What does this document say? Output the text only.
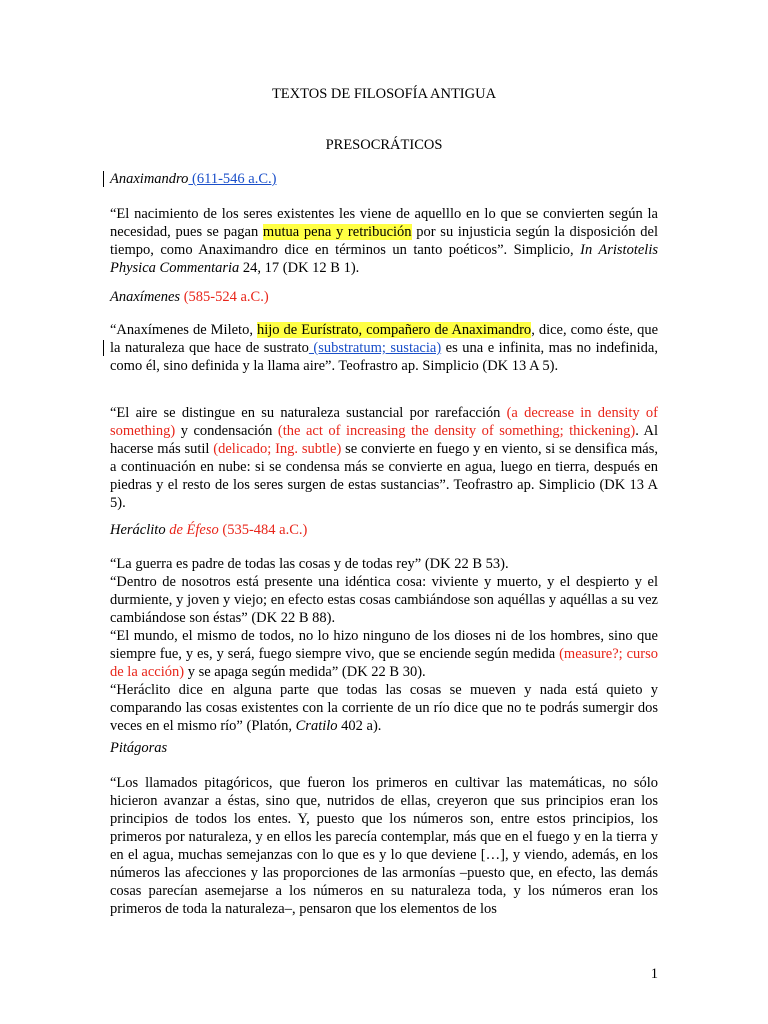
TEXTOS DE FILOSOFÍA ANTIGUA
PRESOCRÁTICOS
Anaximandro (611-546 a.C.)

“El nacimiento de los seres existentes les viene de aquelllo en lo que se convierten según la necesidad, pues se pagan mutua pena y retribución por su injusticia según la disposición del tiempo, como Anaximandro dice en términos un tanto poéticos”. Simplicio, In Aristotelis Physica Commentaria 24, 17 (DK 12 B 1).

Anaxímenes (585-524 a.C.)

“Anaxímenes de Mileto, hijo de Eurístrato, compañero de Anaximandro, dice, como éste, que la naturaleza que hace de sustrato (substratum; sustacia) es una e infinita, mas no indefinida, como él, sino definida y la llama aire”. Teofrastro ap. Simplicio (DK 13 A 5).

“El aire se distingue en su naturaleza sustancial por rarefacción (a decrease in density of something) y condensación (the act of increasing the density of something; thickening). Al hacerse más sutil (delicado; Ing. subtle) se convierte en fuego y en viento, si se densifica más, a continuación en nube: si se condensa más se convierte en agua, luego en tierra, después en piedras y el resto de los seres surgen de estas sustancias”. Teofrastro ap. Simplicio (DK 13 A 5).

Heráclito de Éfeso (535-484 a.C.)

“La guerra es padre de todas las cosas y de todas rey” (DK 22 B 53).
“Dentro de nosotros está presente una idéntica cosa: viviente y muerto, y el despierto y el durmiente, y joven y viejo; en efecto estas cosas cambiándose son aquéllas y aquéllas a su vez cambiándose son éstas” (DK 22 B 88).
“El mundo, el mismo de todos, no lo hizo ninguno de los dioses ni de los hombres, sino que siempre fue, y es, y será, fuego siempre vivo, que se enciende según medida (measure?; curso de la acción) y se apaga según medida” (DK 22 B 30).
“Heráclito dice en alguna parte que todas las cosas se mueven y nada está quieto y comparando las cosas existentes con la corriente de un río dice que no te podrás sumergir dos veces en el mismo río” (Platón, Cratilo 402 a).

Pitágoras

“Los llamados pitagóricos, que fueron los primeros en cultivar las matemáticas, no sólo hicieron avanzar a éstas, sino que, nutridos de ellas, creyeron que sus principios eran los principios de todos los entes. Y, puesto que los números son, entre estos principios, los primeros por naturaleza, y en ellos les parecía contemplar, más que en el fuego y en la tierra y en el agua, muchas semejanzas con lo que es y lo que deviene […], y viendo, además, en los números las afecciones y las proporciones de las armonías –puesto que, en efecto, las demás cosas parecían asemejarse a los números en su naturaleza toda, y los números eran los primeros de toda la naturaleza–, pensaron que los elementos de los

1
